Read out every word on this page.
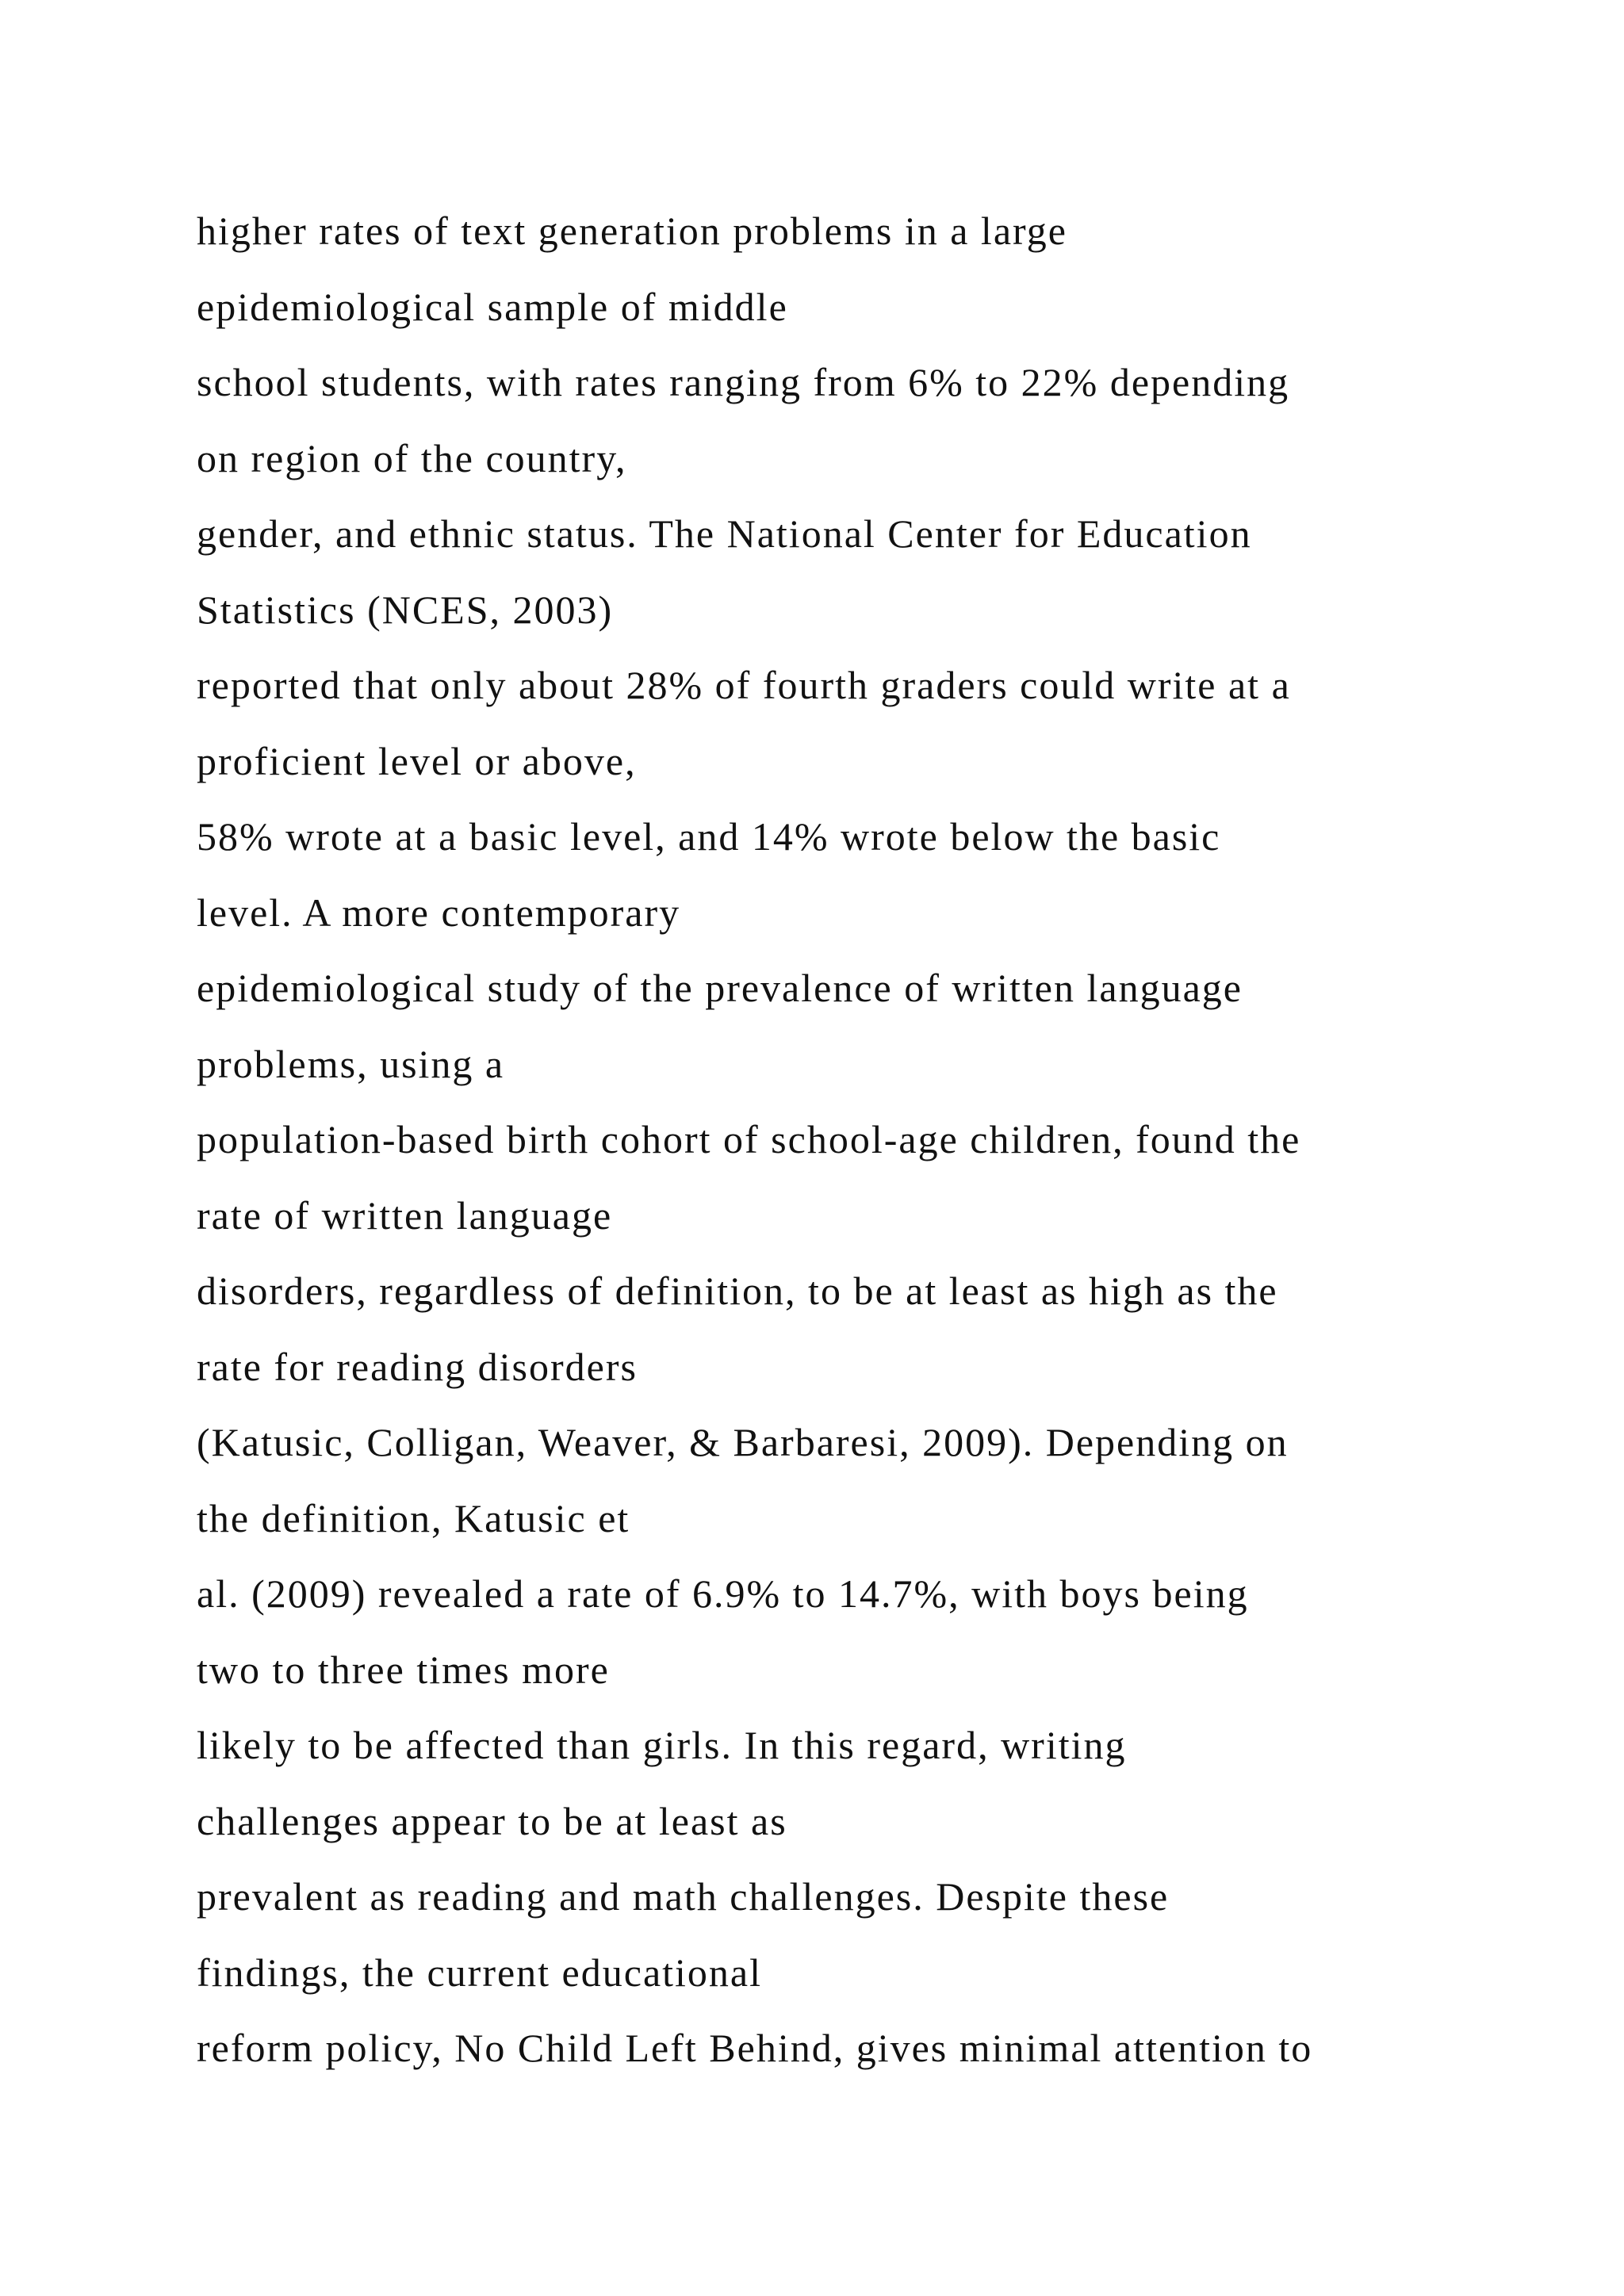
higher rates of text generation problems in a large

epidemiological sample of middle

school students, with rates ranging from 6% to 22% depending

on region of the country,

gender, and ethnic status. The National Center for Education

Statistics (NCES, 2003)

reported that only about 28% of fourth graders could write at a

proficient level or above,

58% wrote at a basic level, and 14% wrote below the basic

level. A more contemporary

epidemiological study of the prevalence of written language

problems, using a

population-based birth cohort of school-age children, found the

rate of written language

disorders, regardless of definition, to be at least as high as the

rate for reading disorders

(Katusic, Colligan, Weaver, & Barbaresi, 2009). Depending on

the definition, Katusic et

al. (2009) revealed a rate of 6.9% to 14.7%, with boys being

two to three times more

likely to be affected than girls. In this regard, writing

challenges appear to be at least as

prevalent as reading and math challenges. Despite these

findings, the current educational

reform policy, No Child Left Behind, gives minimal attention to
